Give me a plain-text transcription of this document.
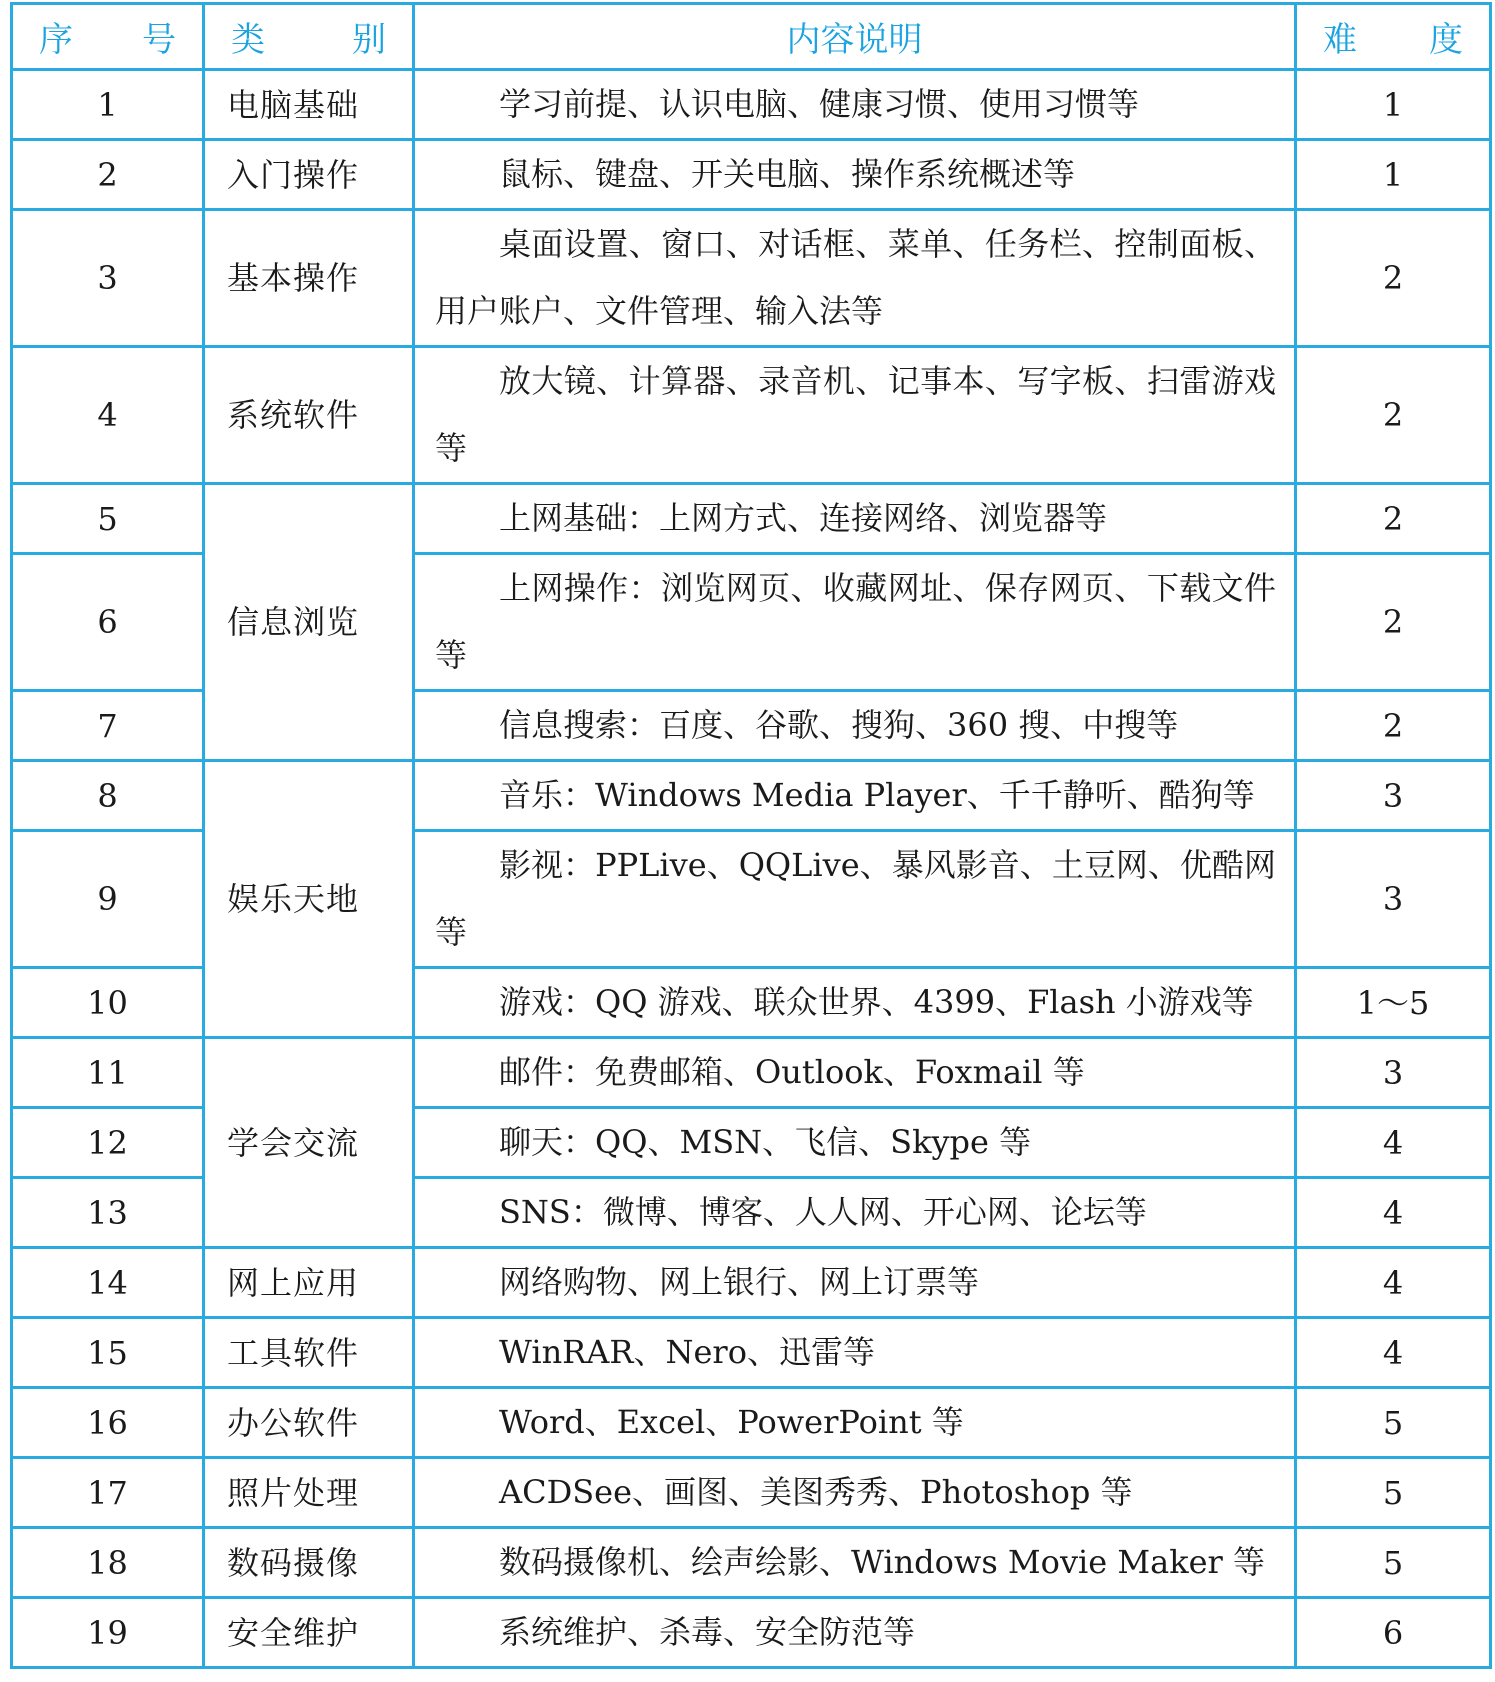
序 号	类 别	内容说明	难 度

1	电脑基础	学习前提、认识电脑、健康习惯、使用习惯等	1
2	入门操作	鼠标、键盘、开关电脑、操作系统概述等	1
3	基本操作	桌面设置、窗口、对话框、菜单、任务栏、控制面板、用户账户、文件管理、输入法等	2
4	系统软件	放大镜、计算器、录音机、记事本、写字板、扫雷游戏等	2
5	信息浏览	上网基础：上网方式、连接网络、浏览器等	2
6		上网操作：浏览网页、收藏网址、保存网页、下载文件等	2
7		信息搜索：百度、谷歌、搜狗、360 搜、中搜等	2
8	娱乐天地	音乐：Windows Media Player、千千静听、酷狗等	3
9		影视：PPLive、QQLive、暴风影音、土豆网、优酷网等	3
10		游戏：QQ 游戏、联众世界、4399、Flash 小游戏等	1～5
11	学会交流	邮件：免费邮箱、Outlook、Foxmail 等	3
12		聊天：QQ、MSN、飞信、Skype 等	4
13		SNS：微博、博客、人人网、开心网、论坛等	4
14	网上应用	网络购物、网上银行、网上订票等	4
15	工具软件	WinRAR、Nero、迅雷等	4
16	办公软件	Word、Excel、PowerPoint 等	5
17	照片处理	ACDSee、画图、美图秀秀、Photoshop 等	5
18	数码摄像	数码摄像机、绘声绘影、Windows Movie Maker 等	5
19	安全维护	系统维护、杀毒、安全防范等	6
